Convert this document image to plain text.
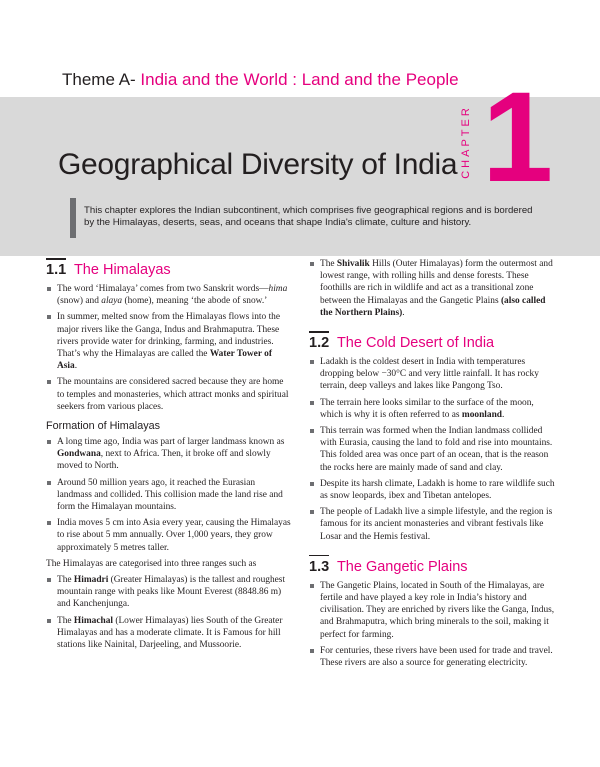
Theme A- India and the World : Land and the People
Geographical Diversity of India CHAPTER 1
This chapter explores the Indian subcontinent, which comprises five geographical regions and is bordered by the Himalayas, deserts, seas, and oceans that shape India's climate, culture and history.
1.1 The Himalayas
The word ‘Himalaya’ comes from two Sanskrit words—hima (snow) and alaya (home), meaning ‘the abode of snow.’
In summer, melted snow from the Himalayas flows into the major rivers like the Ganga, Indus and Brahmaputra. These rivers provide water for drinking, farming, and industries. That’s why the Himalayas are called the Water Tower of Asia.
The mountains are considered sacred because they are home to temples and monasteries, which attract monks and spiritual seekers from various places.
Formation of Himalayas
A long time ago, India was part of larger landmass known as Gondwana, next to Africa. Then, it broke off and slowly moved to North.
Around 50 million years ago, it reached the Eurasian landmass and collided. This collision made the land rise and form the Himalayan mountains.
India moves 5 cm into Asia every year, causing the Himalayas to rise about 5 mm annually. Over 1,000 years, they grow approximately 5 metres taller.

The Himalayas are categorised into three ranges such as

The Himadri (Greater Himalayas) is the tallest and roughest mountain range with peaks like Mount Everest (8848.86 m) and Kanchenjunga.
The Himachal (Lower Himalayas) lies South of the Greater Himalayas and has a moderate climate. It is Famous for hill stations like Nainital, Darjeeling, and Mussoorie.
The Shivalik Hills (Outer Himalayas) form the outermost and lowest range, with rolling hills and dense forests. These foothills are rich in wildlife and act as a transitional zone between the Himalayas and the Gangetic Plains (also called the Northern Plains).
1.2 The Cold Desert of India
Ladakh is the coldest desert in India with temperatures dropping below −30°C and very little rainfall. It has rocky terrain, deep valleys and lakes like Pangong Tso.
The terrain here looks similar to the surface of the moon, which is why it is often referred to as moonland.
This terrain was formed when the Indian landmass collided with Eurasia, causing the land to fold and rise into mountains. This folded area was once part of an ocean, that is the reason the rocks here are mainly made of sand and clay.
Despite its harsh climate, Ladakh is home to rare wildlife such as snow leopards, ibex and Tibetan antelopes.
The people of Ladakh live a simple lifestyle, and the region is famous for its ancient monasteries and vibrant festivals like Losar and the Hemis festival.
1.3 The Gangetic Plains
The Gangetic Plains, located in South of the Himalayas, are fertile and have played a key role in India’s history and civilisation. They are enriched by rivers like the Ganga, Indus, and Brahmaputra, which bring minerals to the soil, making it perfect for farming.
For centuries, these rivers have been used for trade and travel. These rivers are also a source for generating electricity.
